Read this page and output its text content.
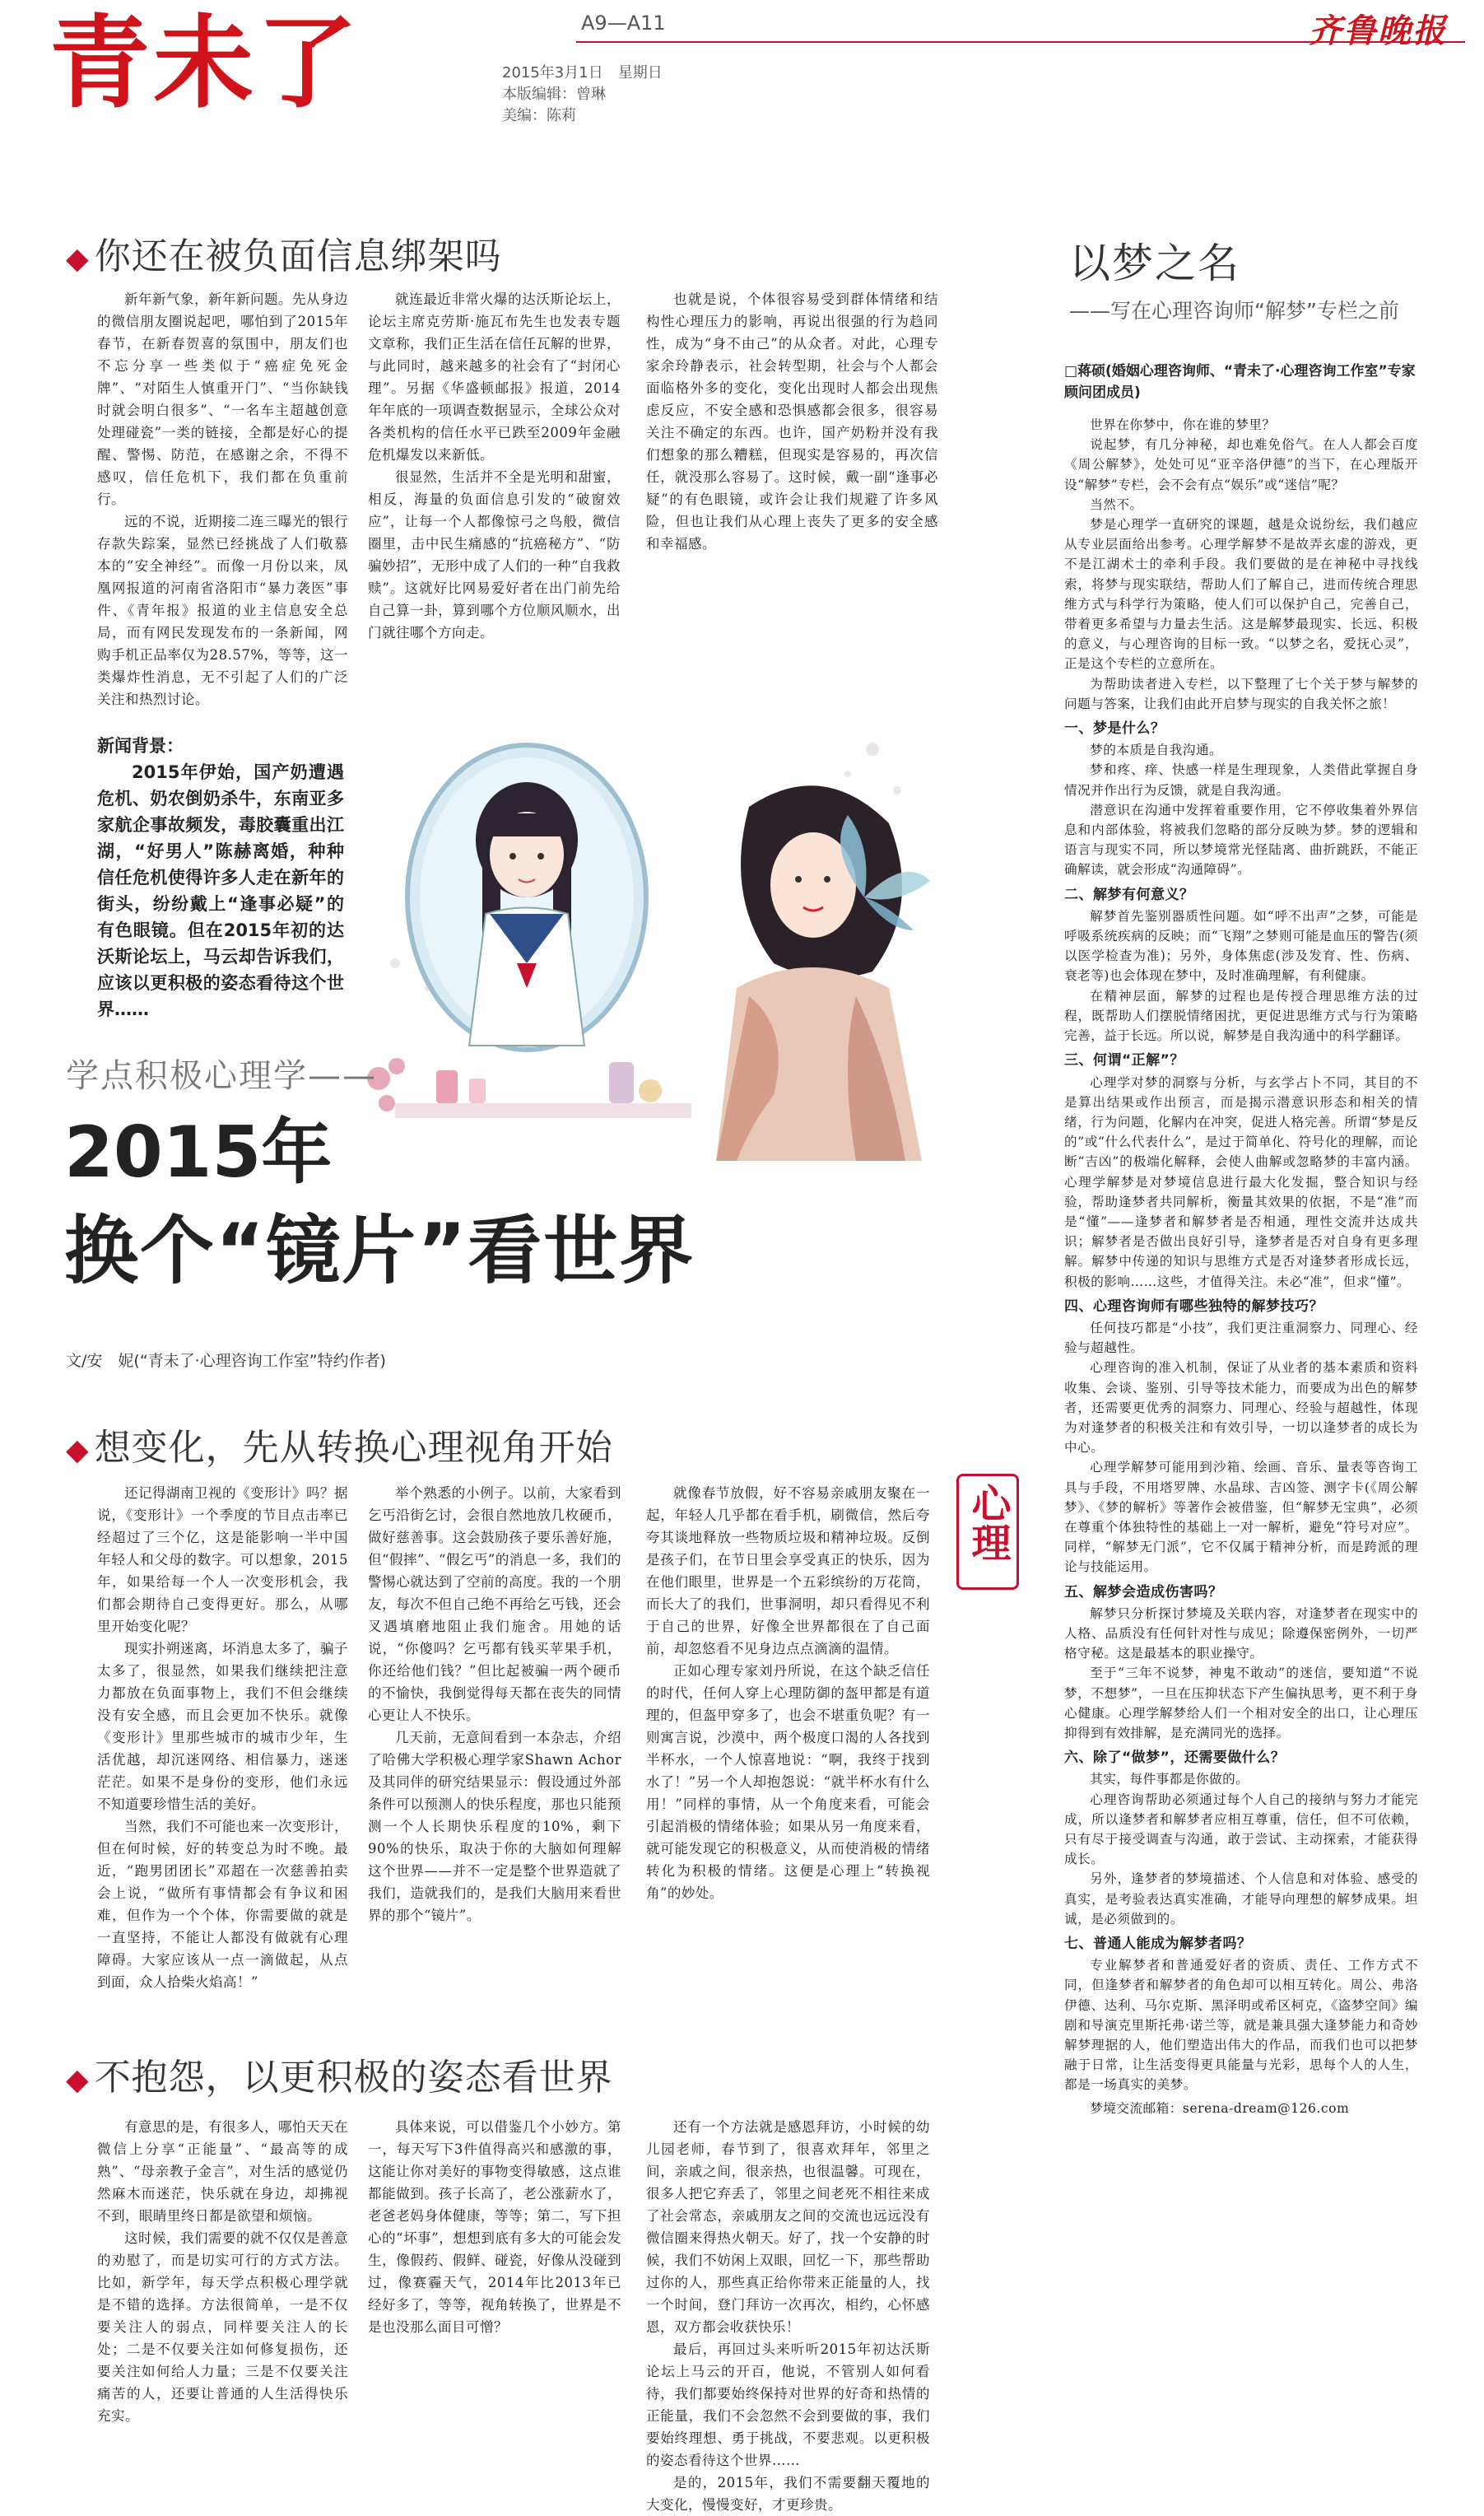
青未了	A9—A11	齐鲁晚报
2015年3月1日　星期日
本版编辑：曾琳
美编：陈莉
◆ 你还在被负面信息绑架吗

新年新气象，新年新问题。先从身边的微信朋友圈说起吧，哪怕到了2015年春节，在新春贺喜的氛围中，朋友们也不忘分享一些类似于“癌症免死金牌”、“对陌生人慎重开门”、“当你缺钱时就会明白很多”、“一名车主超越创意处理碰瓷”一类的链接，全都是好心的提醒、警惕、防范，在感谢之余，不得不感叹，信任危机下，我们都在负重前行。

远的不说，近期接二连三曝光的银行存款失踪案，显然已经挑战了人们敬慕本的“安全神经”。而像一月份以来，凤凰网报道的河南省洛阳市“暴力袭医”事件、《青年报》报道的业主信息安全总局，而有网民发现发布的一条新闻，网购手机正品率仅为28.57%，等等，这一类爆炸性消息，无不引起了人们的广泛关注和热烈讨论。

就连最近非常火爆的达沃斯论坛上，论坛主席克劳斯·施瓦布先生也发表专题文章称，我们正生活在信任瓦解的世界，与此同时，越来越多的社会有了“封闭心理”。另据《华盛顿邮报》报道，2014年年底的一项调查数据显示，全球公众对各类机构的信任水平已跌至2009年金融危机爆发以来新低。

很显然，生活并不全是光明和甜蜜，相反，海量的负面信息引发的“破窗效应”，让每一个人都像惊弓之鸟般，微信圈里，击中民生痛感的“抗癌秘方”、“防骗妙招”，无形中成了人们的一种“自我救赎”。这就好比网易爱好者在出门前先给自己算一卦，算到哪个方位顺风顺水，出门就往哪个方向走。

也就是说，个体很容易受到群体情绪和结构性心理压力的影响，再说出很强的行为趋同性，成为“身不由己”的从众者。对此，心理专家余玲静表示，社会转型期，社会与个人都会面临格外多的变化，变化出现时人都会出现焦虑反应，不安全感和恐惧感都会很多，很容易关注不确定的东西。也许，国产奶粉并没有我们想象的那么糟糕，但现实是容易的，再次信任，就没那么容易了。这时候，戴一副“逢事必疑”的有色眼镜，或许会让我们规避了许多风险，但也让我们从心理上丧失了更多的安全感和幸福感。

新闻背景：
2015年伊始，国产奶遭遇危机、奶农倒奶杀牛，东南亚多家航企事故频发，毒胶囊重出江湖，“好男人”陈赫离婚，种种信任危机使得许多人走在新年的街头，纷纷戴上“逢事必疑”的有色眼镜。但在2015年初的达沃斯论坛上，马云却告诉我们，应该以更积极的姿态看待这个世界……
学点积极心理学——
2015年
换个“镜片”看世界
文/安　妮(“青未了·心理咨询工作室”特约作者)
◆ 想变化，先从转换心理视角开始

还记得湖南卫视的《变形计》吗？据说，《变形计》一个季度的节目点击率已经超过了三个亿，这是能影响一半中国年轻人和父母的数字。可以想象，2015年，如果给每一个人一次变形机会，我们都会期待自己变得更好。那么，从哪里开始变化呢？

现实扑朔迷离，坏消息太多了，骗子太多了，很显然，如果我们继续把注意力都放在负面事物上，我们不但会继续没有安全感，而且会更加不快乐。就像《变形计》里那些城市的城市少年，生活优越，却沉迷网络、相信暴力，迷迷茫茫。如果不是身份的变形，他们永远不知道要珍惜生活的美好。

当然，我们不可能也来一次变形计，但在何时候，好的转变总为时不晚。最近，“跑男团团长”邓超在一次慈善拍卖会上说，“做所有事情都会有争议和困难，但作为一个个体，你需要做的就是一直坚持，不能让人都没有做就有心理障碍。大家应该从一点一滴做起，从点到面，众人拾柴火焰高！”

举个熟悉的小例子。以前，大家看到乞丐沿街乞讨，会很自然地放几枚硬币，做好慈善事。这会鼓励孩子要乐善好施，但“假摔”、“假乞丐”的消息一多，我们的警惕心就达到了空前的高度。我的一个朋友，每次不但自己绝不再给乞丐钱，还会叉遇填磨地阻止我们施舍。用她的话说，“你傻吗？乞丐都有钱买苹果手机，你还给他们钱？”但比起被骗一两个硬币的不愉快，我倒觉得每天都在丧失的同情心更让人不快乐。

几天前，无意间看到一本杂志，介绍了哈佛大学积极心理学家Shawn Achor及其同伴的研究结果显示：假设通过外部条件可以预测人的快乐程度，那也只能预测一个人长期快乐程度的10%，剩下90%的快乐，取决于你的大脑如何理解这个世界——并不一定是整个世界造就了我们，造就我们的，是我们大脑用来看世界的那个“镜片”。

就像春节放假，好不容易亲戚朋友聚在一起，年轻人几乎都在看手机，刷微信，然后夸夸其谈地释放一些物质垃圾和精神垃圾。反倒是孩子们，在节日里会享受真正的快乐，因为在他们眼里，世界是一个五彩缤纷的万花筒，而长大了的我们，世事洞明，却只看得见不利于自己的世界，好像全世界都很在了自己面前，却忽悠看不见身边点点滴滴的温情。

正如心理专家刘丹所说，在这个缺乏信任的时代，任何人穿上心理防御的盔甲都是有道理的，但盔甲穿多了，也会不堪重负呢？有一则寓言说，沙漠中，两个极度口渴的人各找到半杯水，一个人惊喜地说：“啊，我终于找到水了！”另一个人却抱怨说：“就半杯水有什么用！”同样的事情，从一个角度来看，可能会引起消极的情绪体验；如果从另一角度来看，就可能发现它的积极意义，从而使消极的情绪转化为积极的情绪。这便是心理上“转换视角”的妙处。

◆ 不抱怨，以更积极的姿态看世界

有意思的是，有很多人，哪怕天天在微信上分享“正能量”、“最高等的成熟”、“母亲教子金言”，对生活的感觉仍然麻木而迷茫，快乐就在身边，却拂视不到，眼睛里终日都是欲望和烦恼。

这时候，我们需要的就不仅仅是善意的劝慰了，而是切实可行的方式方法。比如，新学年，每天学点积极心理学就是不错的选择。方法很简单，一是不仅要关注人的弱点，同样要关注人的长处；二是不仅要关注如何修复损伤，还要关注如何给人力量；三是不仅要关注痛苦的人，还要让普通的人生活得快乐充实。

具体来说，可以借鉴几个小妙方。第一，每天写下3件值得高兴和感激的事，这能让你对美好的事物变得敏感，这点谁都能做到。孩子长高了，老公涨薪水了，老爸老妈身体健康，等等；第二，写下担心的“坏事”，想想到底有多大的可能会发生，像假药、假鲜、碰瓷，好像从没碰到过，像赛霾天气，2014年比2013年已经好多了，等等，视角转换了，世界是不是也没那么面目可憎？

还有一个方法就是感恩拜访，小时候的幼儿园老师，春节到了，很喜欢拜年，邻里之间，亲戚之间，很亲热，也很温馨。可现在，很多人把它弃丢了，邻里之间老死不相往来成了社会常态，亲戚朋友之间的交流也远远没有微信圈来得热火朝天。好了，找一个安静的时候，我们不妨闲上双眼，回忆一下，那些帮助过你的人，那些真正给你带来正能量的人，找一个时间，登门拜访一次再次，相约，心怀感恩，双方都会收获快乐！

最后，再回过头来听听2015年初达沃斯论坛上马云的开百，他说，不管别人如何看待，我们都要始终保持对世界的好奇和热情的正能量，我们不会忽然不会到要做的事，我们要始终理想、勇于挑战，不要悲观。以更积极的姿态看待这个世界……

是的，2015年，我们不需要翻天覆地的大变化，慢慢变好，才更珍贵。

心理
以梦之名
——写在心理咨询师“解梦”专栏之前
□蒋硕(婚姻心理咨询师、“青未了·心理咨询工作室”专家顾问团成员)

世界在你梦中，你在谁的梦里？

说起梦，有几分神秘，却也难免俗气。在人人都会百度《周公解梦》，处处可见“亚辛洛伊德”的当下，在心理版开设“解梦”专栏，会不会有点“娱乐”或“迷信”呢？

当然不。

梦是心理学一直研究的课题，越是众说纷纭，我们越应从专业层面给出参考。心理学解梦不是故弄玄虚的游戏，更不是江湖术士的牵利手段。我们要做的是在神秘中寻找线索，将梦与现实联结，帮助人们了解自己，进而传统合理思维方式与科学行为策略，使人们可以保护自己，完善自己，带着更多希望与力量去生活。这是解梦最现实、长远、积极的意义，与心理咨询的目标一致。“以梦之名，爱抚心灵”，正是这个专栏的立意所在。

为帮助读者进入专栏，以下整理了七个关于梦与解梦的问题与答案，让我们由此开启梦与现实的自我关怀之旅！

一、梦是什么？

梦的本质是自我沟通。

梦和疼、痒、快感一样是生理现象，人类借此掌握自身情况并作出行为反馈，就是自我沟通。

潜意识在沟通中发挥着重要作用，它不停收集着外界信息和内部体验，将被我们忽略的部分反映为梦。梦的逻辑和语言与现实不同，所以梦境常光怪陆离、曲折跳跃，不能正确解读，就会形成“沟通障碍”。

二、解梦有何意义？

解梦首先鉴别器质性问题。如“呼不出声”之梦，可能是呼吸系统疾病的反映；而“飞翔”之梦则可能是血压的警告(须以医学检查为准)；另外，身体焦虑(涉及发育、性、伤病、衰老等)也会体现在梦中，及时准确理解，有利健康。

在精神层面，解梦的过程也是传授合理思维方法的过程，既帮助人们摆脱情绪困扰，更促进思维方式与行为策略完善，益于长远。所以说，解梦是自我沟通中的科学翻译。

三、何谓“正解”？

心理学对梦的洞察与分析，与玄学占卜不同，其目的不是算出结果或作出预言，而是揭示潜意识形态和相关的情绪，行为问题，化解内在冲突，促进人格完善。所谓“梦是反的”或“什么代表什么”，是过于简单化、符号化的理解，而论断“吉凶”的极端化解释，会使人曲解或忽略梦的丰富内涵。心理学解梦是对梦境信息进行最大化发掘，整合知识与经验，帮助逢梦者共同解析，衡量其效果的依据，不是“准”而是“懂”——逢梦者和解梦者是否相通，理性交流并达成共识；解梦者是否做出良好引导，逢梦者是否对自身有更多理解。解梦中传递的知识与思维方式是否对逢梦者形成长远，积极的影响……这些，才值得关注。未必“准”，但求“懂”。

四、心理咨询师有哪些独特的解梦技巧？

任何技巧都是“小技”，我们更注重洞察力、同理心、经验与超越性。

心理咨询的准入机制，保证了从业者的基本素质和资料收集、会谈、鉴别、引导等技术能力，而要成为出色的解梦者，还需要更优秀的洞察力、同理心、经验与超越性，体现为对逢梦者的积极关注和有效引导，一切以逢梦者的成长为中心。

心理学解梦可能用到沙箱、绘画、音乐、量表等咨询工具与手段，不用塔罗牌、水晶球、吉凶签、测字卡(《周公解梦》、《梦的解析》等著作会被借鉴，但“解梦无宝典”，必须在尊重个体独特性的基础上一对一解析，避免“符号对应”。同样，“解梦无门派”，它不仅属于精神分析，而是跨派的理论与技能运用。

五、解梦会造成伤害吗？

解梦只分析探讨梦境及关联内容，对逢梦者在现实中的人格、品质没有任何针对性与成见；除遵保密例外，一切严格守秘。这是最基本的职业操守。

至于“三年不说梦，神鬼不敢动”的迷信，要知道“不说梦，不想梦”，一旦在压抑状态下产生偏执思考，更不利于身心健康。心理学解梦给人们一个相对安全的出口，让心理压抑得到有效排解，是充满同光的选择。

六、除了“做梦”，还需要做什么？

其实，每件事都是你做的。

心理咨询帮助必须通过每个人自己的接纳与努力才能完成，所以逢梦者和解梦者应相互尊重，信任，但不可依赖，只有尽于接受调查与沟通，敢于尝试、主动探索，才能获得成长。

另外，逢梦者的梦境描述、个人信息和对体验、感受的真实，是考验表达真实准确，才能导向理想的解梦成果。坦诚，是必须做到的。

七、普通人能成为解梦者吗？

专业解梦者和普通爱好者的资质、责任、工作方式不同，但逢梦者和解梦者的角色却可以相互转化。周公、弗洛伊德、达利、马尔克斯、黑泽明或希区柯克，《盗梦空间》编剧和导演克里斯托弗·诺兰等，就是兼具强大逢梦能力和奇妙解梦理据的人，他们塑造出伟大的作品，而我们也可以把梦融于日常，让生活变得更具能量与光彩，思每个人的人生，都是一场真实的美梦。

梦境交流邮箱：serena-dream@126.com
